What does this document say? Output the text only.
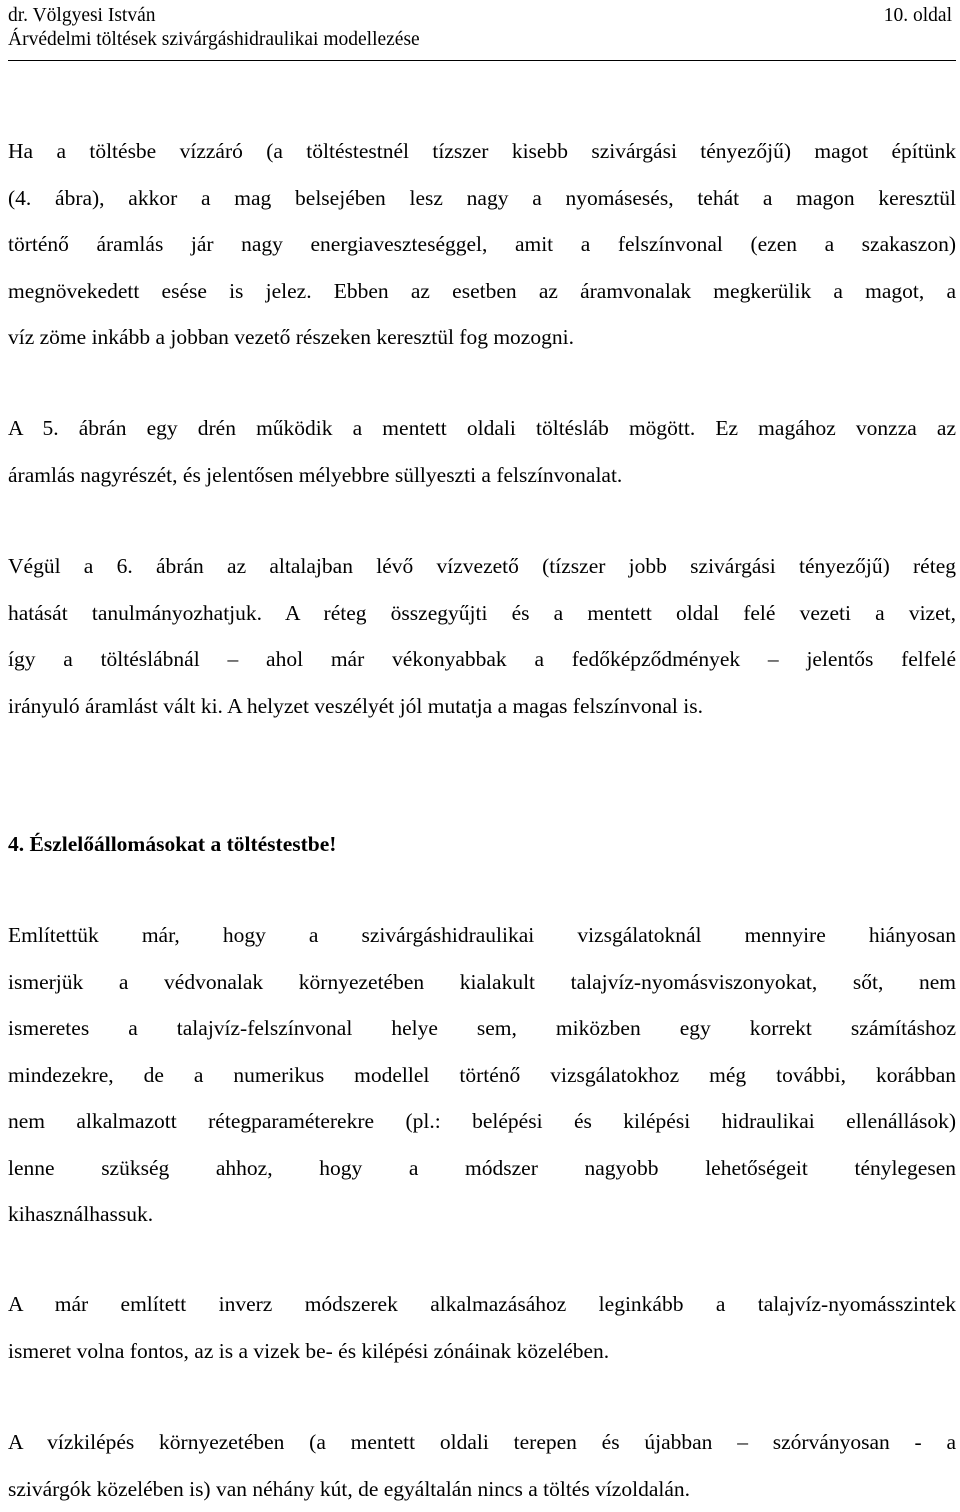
dr. Völgyesi István	10. oldal
Árvédelmi töltések szivárgáshidraulikai modellezése
Ha a töltésbe vízzáró (a töltéstestnél tízszer kisebb szivárgási tényezőjű) magot építünk
(4. ábra), akkor a mag belsejében lesz nagy a nyomásesés, tehát a magon keresztül
történő áramlás jár nagy energiaveszteséggel, amit a felszínvonal (ezen a szakaszon)
megnövekedett esése is jelez. Ebben az esetben az áramvonalak megkerülik a magot, a
víz zöme inkább a jobban vezető részeken keresztül fog mozogni.
A 5. ábrán egy drén működik a mentett oldali töltésláb mögött. Ez magához vonzza az
áramlás nagyrészét, és jelentősen mélyebbre süllyeszti a felszínvonalat.
Végül a 6. ábrán az altalajban lévő vízvezető (tízszer jobb szivárgási tényezőjű) réteg
hatását tanulmányozhatjuk. A réteg összegyűjti és a mentett oldal felé vezeti a vizet,
így a töltéslábnál – ahol már vékonyabbak a fedőképződmények – jelentős felfelé
irányuló áramlást vált ki. A helyzet veszélyét jól mutatja a magas felszínvonal is.
4. Észlelőállomásokat a töltéstestbe!
Említettük már, hogy a szivárgáshidraulikai vizsgálatoknál mennyire hiányosan
ismerjük a védvonalak környezetében kialakult talajvíz-nyomásviszonyokat, sőt, nem
ismeretes a talajvíz-felszínvonal helye sem, miközben egy korrekt számításhoz
mindezekre, de a numerikus modellel történő vizsgálatokhoz még további, korábban
nem alkalmazott rétegparaméterekre (pl.: belépési és kilépési hidraulikai ellenállások)
lenne szükség ahhoz, hogy a módszer nagyobb lehetőségeit ténylegesen
kihasználhassuk.
A már említett inverz módszerek alkalmazásához leginkább a talajvíz-nyomásszintek
ismeret volna fontos, az is a vizek be- és kilépési zónáinak közelében.
A vízkilépés környezetében (a mentett oldali terepen és újabban – szórványosan - a
szivárgók közelében is) van néhány kút, de egyáltalán nincs a töltés vízoldalán.
